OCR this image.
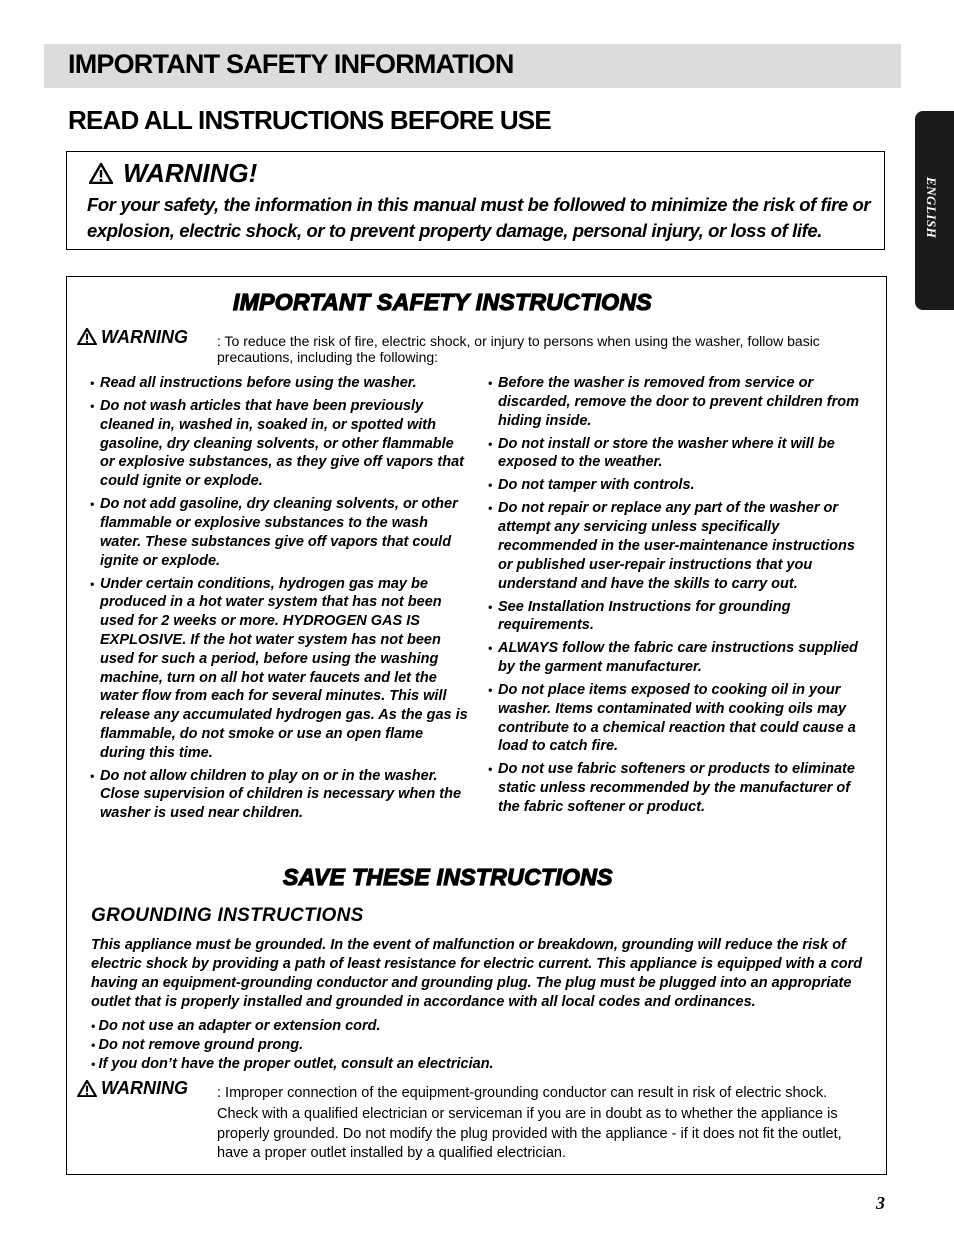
IMPORTANT SAFETY INFORMATION
READ ALL INSTRUCTIONS BEFORE USE
ENGLISH
WARNING!
For your safety, the information in this manual must be followed to minimize the risk of fire or explosion, electric shock, or to prevent property damage, personal injury, or loss of life.
IMPORTANT SAFETY INSTRUCTIONS
WARNING : To reduce the risk of fire, electric shock, or injury to persons when using the washer, follow basic precautions, including the following:
• Read all instructions before using the washer.
• Do not wash articles that have been previously cleaned in, washed in, soaked in, or spotted with gasoline, dry cleaning solvents, or other flammable or explosive substances, as they give off vapors that could ignite or explode.
• Do not add gasoline, dry cleaning solvents, or other flammable or explosive substances to the wash water. These substances give off vapors that could ignite or explode.
• Under certain conditions, hydrogen gas may be produced in a hot water system that has not been used for 2 weeks or more. HYDROGEN GAS IS EXPLOSIVE. If the hot water system has not been used for such a period, before using the washing machine, turn on all hot water faucets and let the water flow from each for several minutes. This will release any accumulated hydrogen gas. As the gas is flammable, do not smoke or use an open flame during this time.
• Do not allow children to play on or in the washer. Close supervision of children is necessary when the washer is used near children.
• Before the washer is removed from service or discarded, remove the door to prevent children from hiding inside.
• Do not install or store the washer where it will be exposed to the weather.
• Do not tamper with controls.
• Do not repair or replace any part of the washer or attempt any servicing unless specifically recommended in the user-maintenance instructions or published user-repair instructions that you understand and have the skills to carry out.
• See Installation Instructions for grounding requirements.
• ALWAYS follow the fabric care instructions supplied by the garment manufacturer.
• Do not place items exposed to cooking oil in your washer. Items contaminated with cooking oils may contribute to a chemical reaction that could cause a load to catch fire.
• Do not use fabric softeners or products to eliminate static unless recommended by the manufacturer of the fabric softener or product.
SAVE THESE INSTRUCTIONS
GROUNDING INSTRUCTIONS
This appliance must be grounded. In the event of malfunction or breakdown, grounding will reduce the risk of electric shock by providing a path of least resistance for electric current. This appliance is equipped with a cord having an equipment-grounding conductor and grounding plug. The plug must be plugged into an appropriate outlet that is properly installed and grounded in accordance with all local codes and ordinances.
• Do not use an adapter or extension cord.
• Do not remove ground prong.
• If you don’t have the proper outlet, consult an electrician.
WARNING : Improper connection of the equipment-grounding conductor can result in risk of electric shock.
Check with a qualified electrician or serviceman if you are in doubt as to whether the appliance is properly grounded. Do not modify the plug provided with the appliance - if it does not fit the outlet, have a proper outlet installed by a qualified electrician.
3
